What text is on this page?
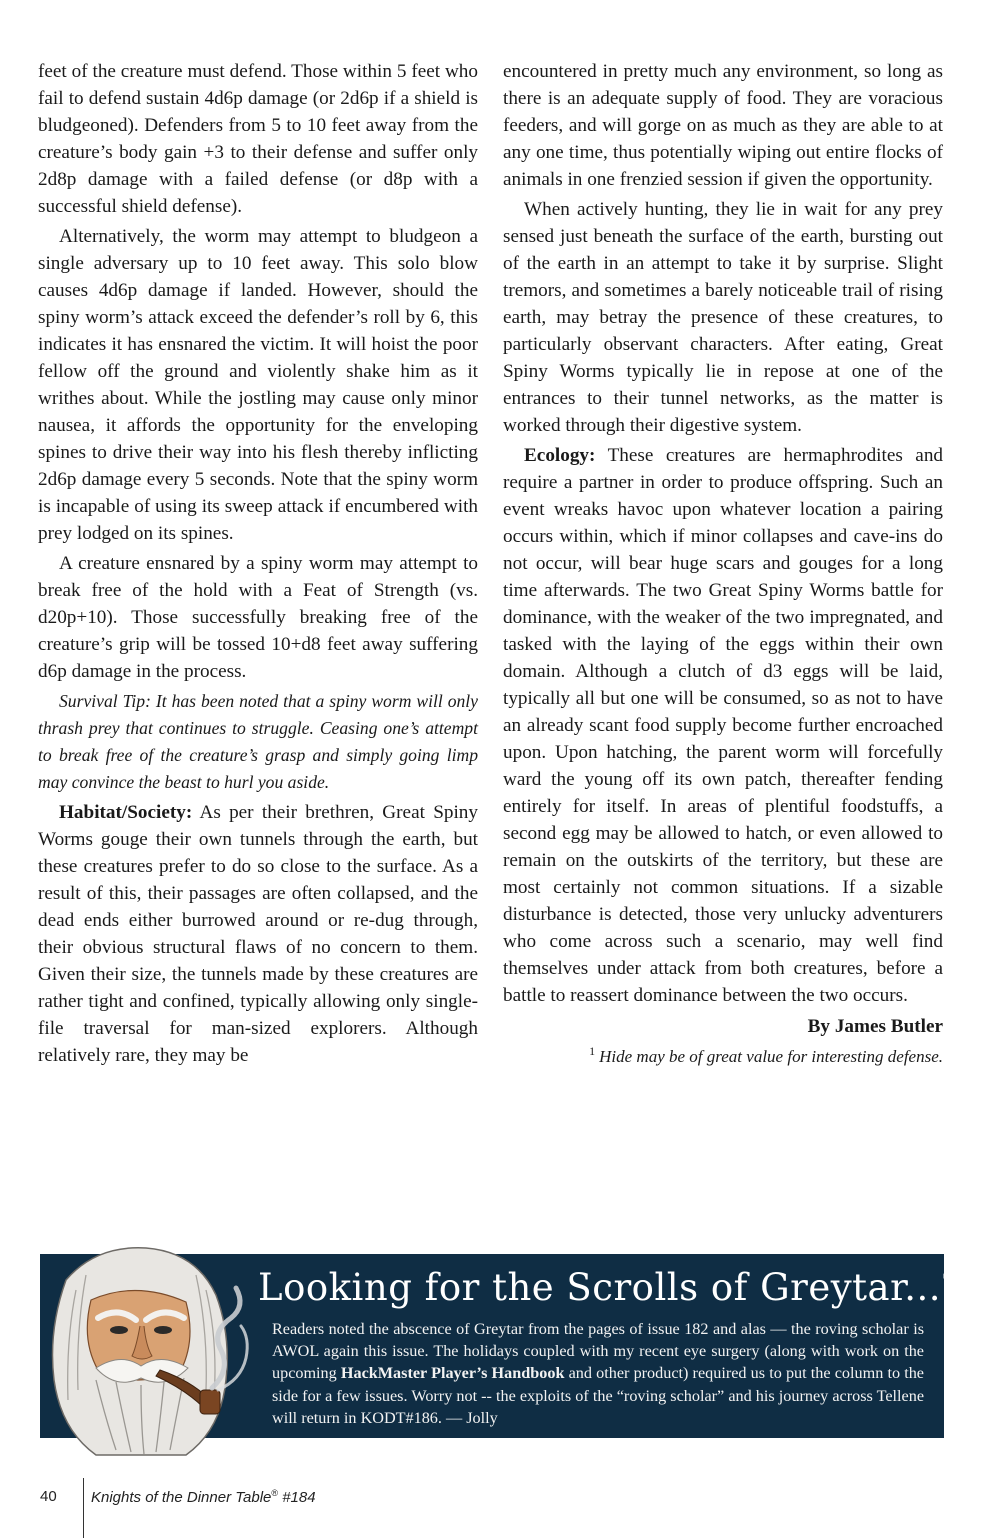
feet of the creature must defend. Those within 5 feet who fail to defend sustain 4d6p damage (or 2d6p if a shield is bludgeoned). Defenders from 5 to 10 feet away from the creature’s body gain +3 to their defense and suffer only 2d8p damage with a failed defense (or d8p with a successful shield defense).

Alternatively, the worm may attempt to bludgeon a single adversary up to 10 feet away. This solo blow causes 4d6p damage if landed. However, should the spiny worm’s attack exceed the defender’s roll by 6, this indicates it has ensnared the victim. It will hoist the poor fellow off the ground and violently shake him as it writhes about. While the jostling may cause only minor nausea, it affords the opportunity for the enveloping spines to drive their way into his flesh thereby inflicting 2d6p damage every 5 seconds. Note that the spiny worm is incapable of using its sweep attack if encumbered with prey lodged on its spines.

A creature ensnared by a spiny worm may attempt to break free of the hold with a Feat of Strength (vs. d20p+10). Those successfully breaking free of the creature’s grip will be tossed 10+d8 feet away suffering d6p damage in the process.

Survival Tip: It has been noted that a spiny worm will only thrash prey that continues to struggle. Ceasing one’s attempt to break free of the creature’s grasp and simply going limp may convince the beast to hurl you aside.

Habitat/Society: As per their brethren, Great Spiny Worms gouge their own tunnels through the earth, but these creatures prefer to do so close to the surface. As a result of this, their passages are often collapsed, and the dead ends either burrowed around or re-dug through, their obvious structural flaws of no concern to them. Given their size, the tunnels made by these creatures are rather tight and confined, typically allowing only single-file traversal for man-sized explorers. Although relatively rare, they may be

encountered in pretty much any environment, so long as there is an adequate supply of food. They are voracious feeders, and will gorge on as much as they are able to at any one time, thus potentially wiping out entire flocks of animals in one frenzied session if given the opportunity.

When actively hunting, they lie in wait for any prey sensed just beneath the surface of the earth, bursting out of the earth in an attempt to take it by surprise. Slight tremors, and sometimes a barely noticeable trail of rising earth, may betray the presence of these creatures, to particularly observant characters. After eating, Great Spiny Worms typically lie in repose at one of the entrances to their tunnel networks, as the matter is worked through their digestive system.

Ecology: These creatures are hermaphrodites and require a partner in order to produce offspring. Such an event wreaks havoc upon whatever location a pairing occurs within, which if minor collapses and cave-ins do not occur, will bear huge scars and gouges for a long time afterwards. The two Great Spiny Worms battle for dominance, with the weaker of the two impregnated, and tasked with the laying of the eggs within their own domain. Although a clutch of d3 eggs will be laid, typically all but one will be consumed, so as not to have an already scant food supply become further encroached upon. Upon hatching, the parent worm will forcefully ward the young off its own patch, thereafter fending entirely for itself. In areas of plentiful foodstuffs, a second egg may be allowed to hatch, or even allowed to remain on the outskirts of the territory, but these are most certainly not common situations. If a sizable disturbance is detected, those very unlucky adventurers who come across such a scenario, may well find themselves under attack from both creatures, before a battle to reassert dominance between the two occurs.

By James Butler

$^1$ Hide may be of great value for interesting defense.

Looking for the Scrolls of Greytar...?
Readers noted the abscence of Greytar from the pages of issue 182 and alas — the roving scholar is AWOL again this issue. The holidays coupled with my recent eye surgery (along with work on the upcoming HackMaster Player’s Handbook and other product) required us to put the column to the side for a few issues. Worry not -- the exploits of the “roving scholar” and his journey across Tellene will return in KODT#186. — Jolly
40 Knights of the Dinner Table® #184
